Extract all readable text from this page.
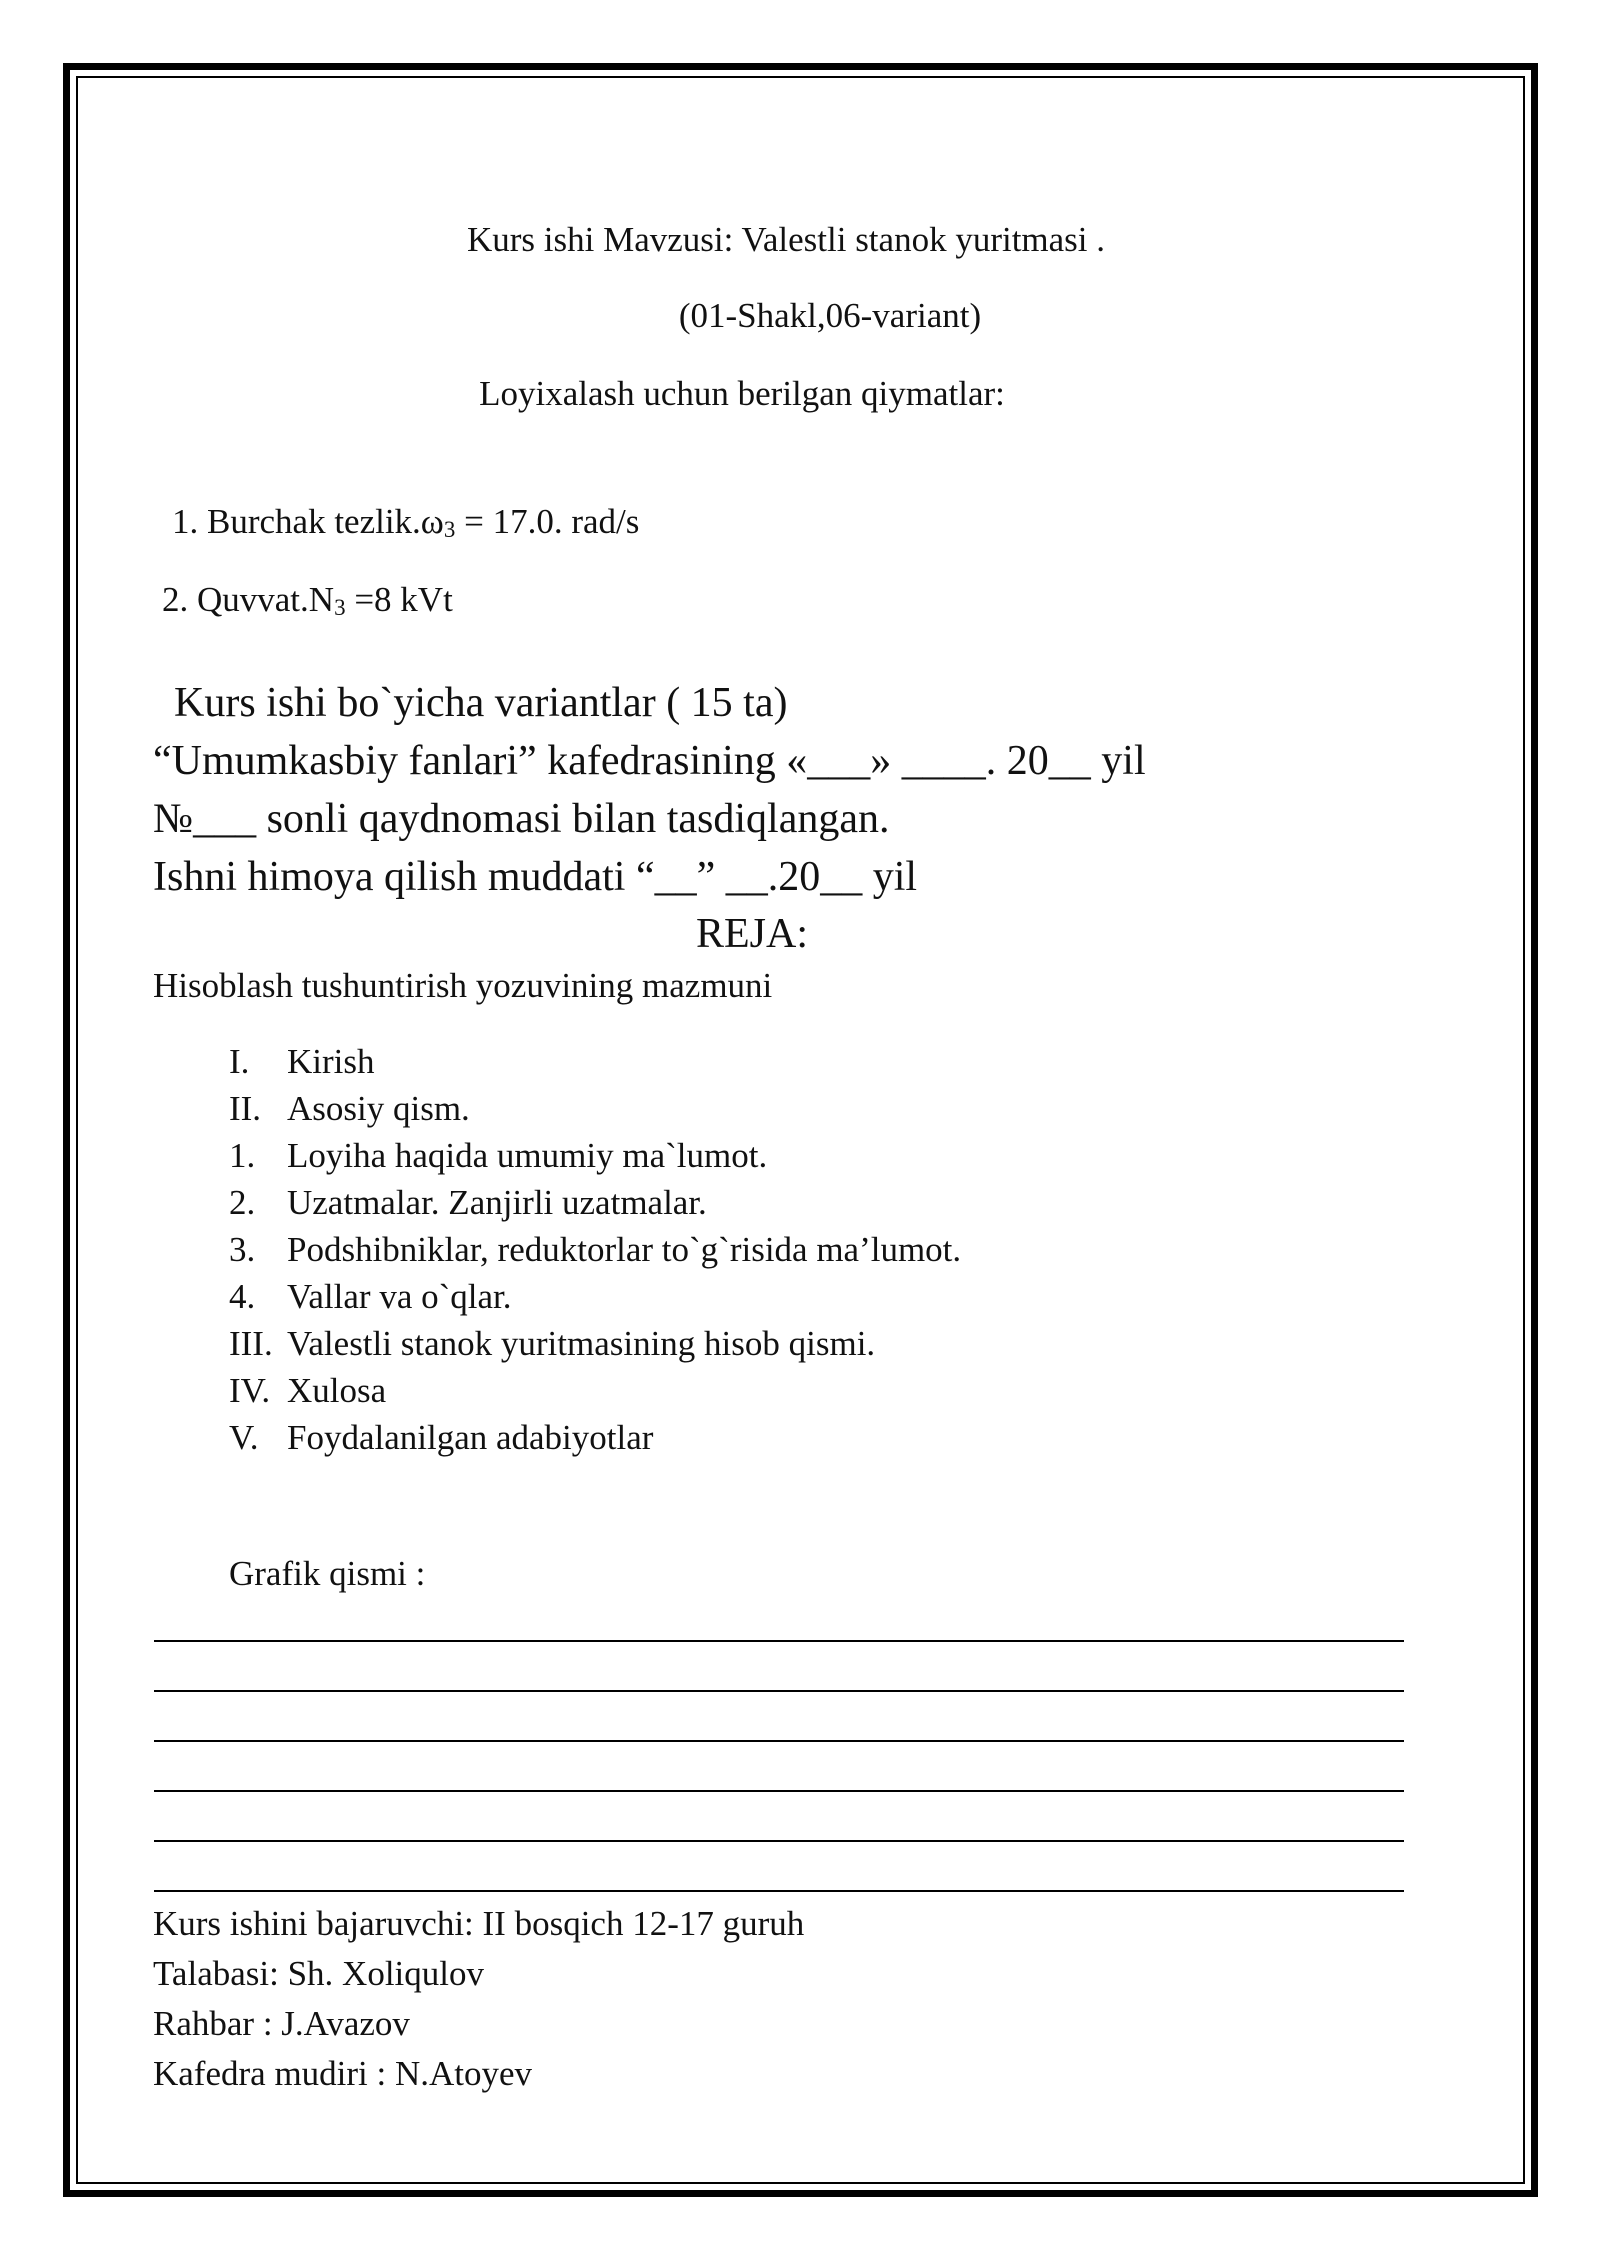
Kurs ishi Mavzusi: Valestli stanok yuritmasi .
(01-Shakl,06-variant)
Loyixalash uchun berilgan qiymatlar:
1. Burchak $tezlik.\omega_3 = 17.0$. rad/s
2. $Quvvat.N_3 =8$ kVt
Kurs ishi bo`yicha variantlar ( 15 ta)
“Umumkasbiy fanlari” kafedrasining «___» ____. 20__ yil
№___ sonli qaydnomasi bilan tasdiqlangan.
Ishni himoya qilish muddati “__” __.20__ yil
REJA:
Hisoblash tushuntirish yozuvining mazmuni
I. Kirish
II. Asosiy qism.
1. Loyiha haqida umumiy ma`lumot.
2. Uzatmalar. Zanjirli uzatmalar.
3. Podshibniklar, reduktorlar to`g`risida ma’lumot.
4. Vallar va o`qlar.
III. Valestli stanok yuritmasining hisob qismi.
IV. Xulosa
V. Foydalanilgan adabiyotlar
Grafik qismi :
Kurs ishini bajaruvchi: II bosqich 12-17 guruh
Talabasi: Sh. Xoliqulov
Rahbar : J.Avazov
Kafedra mudiri : N.Atoyev
